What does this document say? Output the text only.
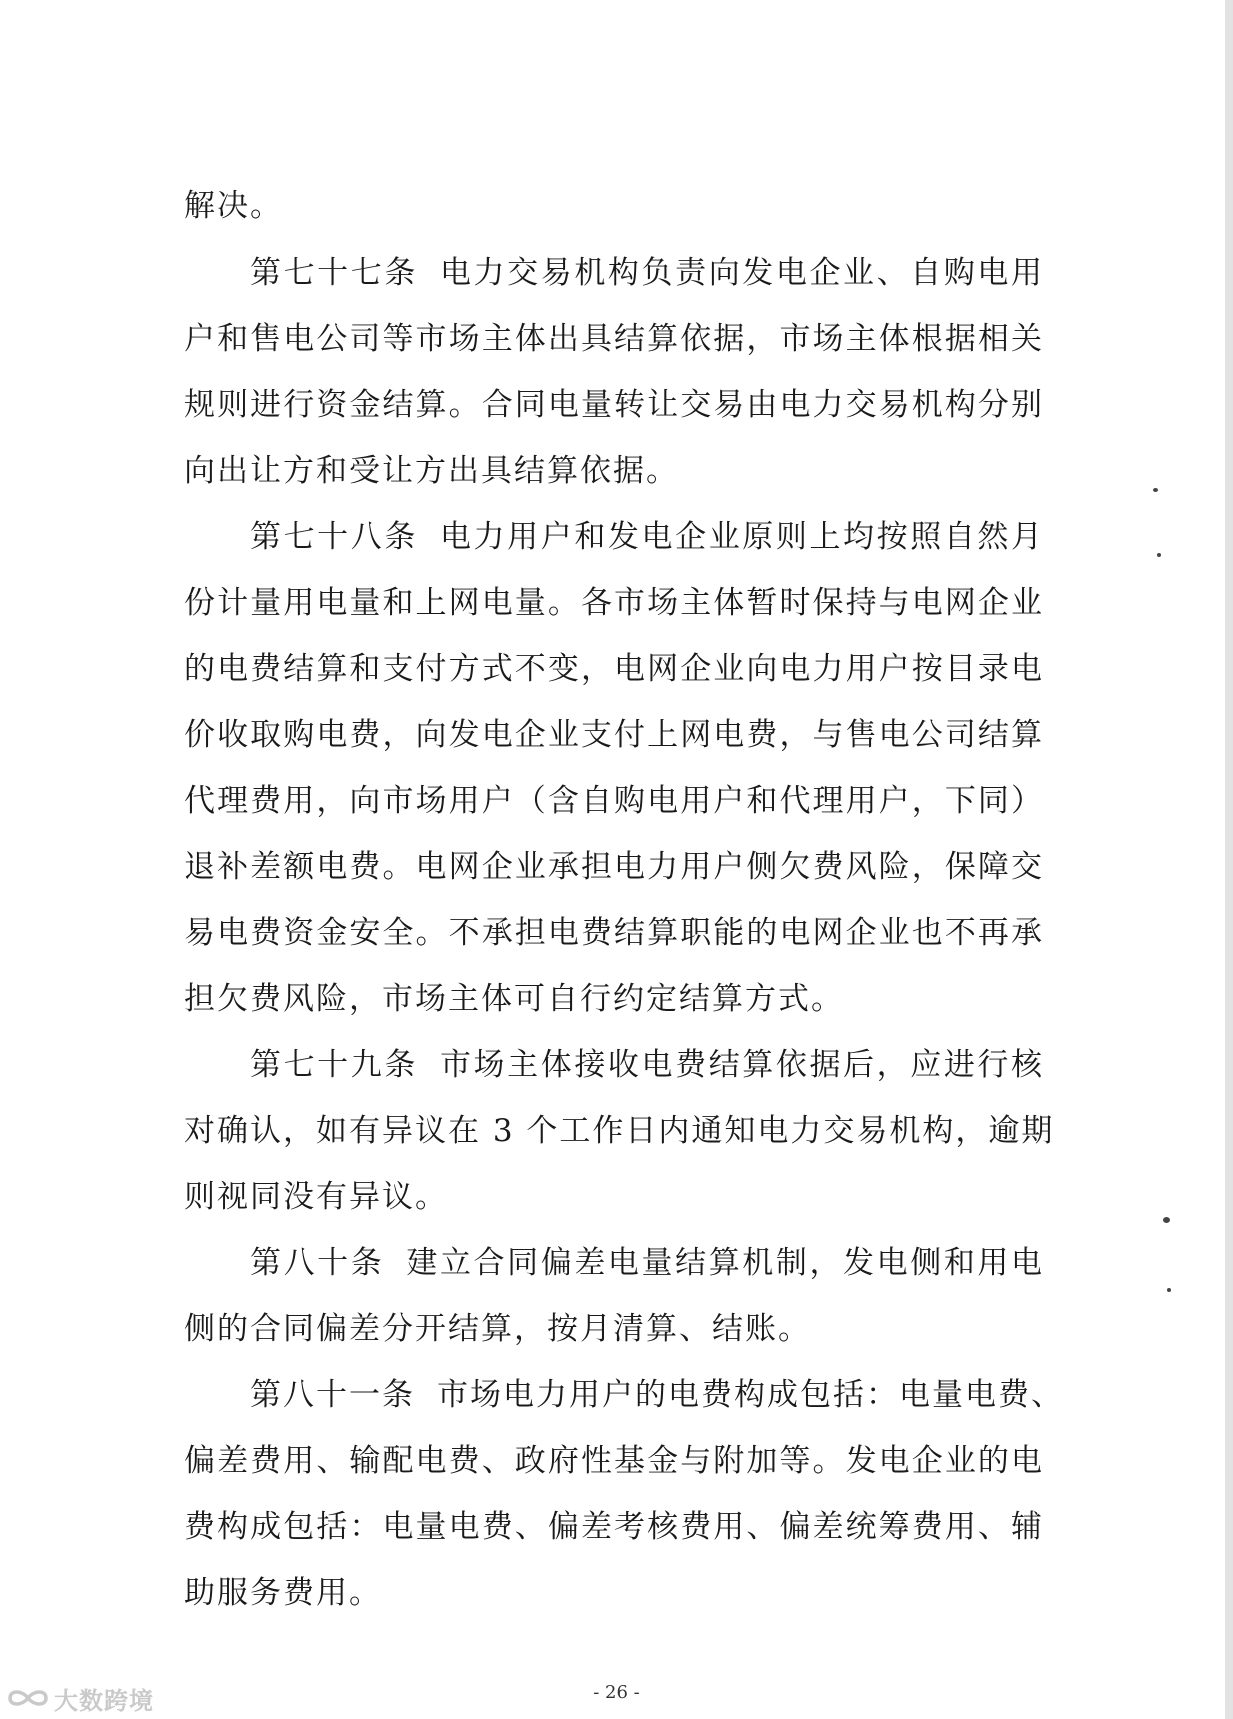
解决。
第七十七条 电力交易机构负责向发电企业、自购电用
户和售电公司等市场主体出具结算依据，市场主体根据相关
规则进行资金结算。合同电量转让交易由电力交易机构分别
向出让方和受让方出具结算依据。
第七十八条 电力用户和发电企业原则上均按照自然月
份计量用电量和上网电量。各市场主体暂时保持与电网企业
的电费结算和支付方式不变，电网企业向电力用户按目录电
价收取购电费，向发电企业支付上网电费，与售电公司结算
代理费用，向市场用户（含自购电用户和代理用户，下同）
退补差额电费。电网企业承担电力用户侧欠费风险，保障交
易电费资金安全。不承担电费结算职能的电网企业也不再承
担欠费风险，市场主体可自行约定结算方式。
第七十九条 市场主体接收电费结算依据后，应进行核
对确认，如有异议在 3 个工作日内通知电力交易机构，逾期
则视同没有异议。
第八十条 建立合同偏差电量结算机制，发电侧和用电
侧的合同偏差分开结算，按月清算、结账。
第八十一条 市场电力用户的电费构成包括：电量电费、
偏差费用、输配电费、政府性基金与附加等。发电企业的电
费构成包括：电量电费、偏差考核费用、偏差统筹费用、辅
助服务费用。
- 26 -
大数跨境
